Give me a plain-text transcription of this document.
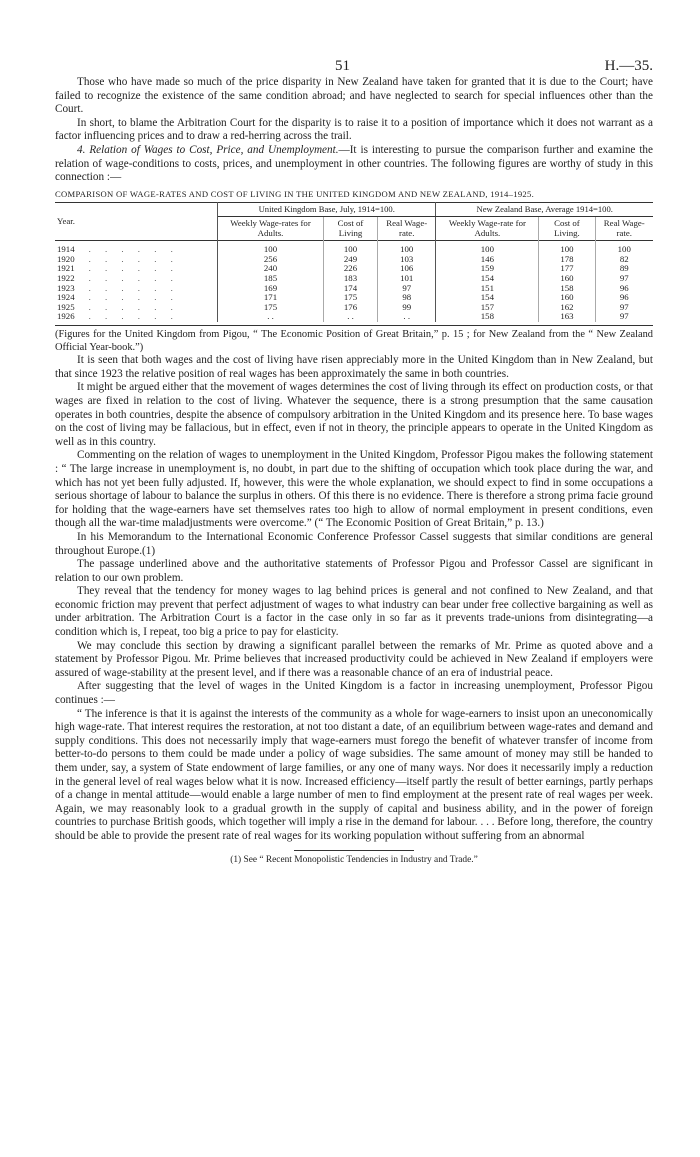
51	H.—35.

Those who have made so much of the price disparity in New Zealand have taken for granted that it is due to the Court; have failed to recognize the existence of the same condition abroad; and have neglected to search for special influences other than the Court.

In short, to blame the Arbitration Court for the disparity is to raise it to a position of importance which it does not warrant as a factor influencing prices and to draw a red-herring across the trail.

4. Relation of Wages to Cost, Price, and Unemployment.—It is interesting to pursue the comparison further and examine the relation of wage-conditions to costs, prices, and unemployment in other countries. The following figures are worthy of study in this connection :—

COMPARISON OF WAGE-RATES AND COST OF LIVING IN THE UNITED KINGDOM AND NEW ZEALAND, 1914–1925.
Year.	United Kingdom Base, July, 1914=100.			New Zealand Base, Average 1914=100.		
	Weekly Wage-rates for Adults.	Cost of Living	Real Wage-rate.	Weekly Wage-rate for Adults.	Cost of Living.	Real Wage-rate.
1914 . . . . . .	100	100	100	100	100	100
1920 . . . . . .	256	249	103	146	178	82
1921 . . . . . .	240	226	106	159	177	89
1922 . . . . . .	185	183	101	154	160	97
1923 . . . . . .	169	174	97	151	158	96
1924 . . . . . .	171	175	98	154	160	96
1925 . . . . . .	175	176	99	157	162	97
1926 . . . . . .	. .	. .	. .	158	163	97

(Figures for the United Kingdom from Pigou, “ The Economic Position of Great Britain,” p. 15 ; for New Zealand from the “ New Zealand Official Year-book.”)

It is seen that both wages and the cost of living have risen appreciably more in the United Kingdom than in New Zealand, but that since 1923 the relative position of real wages has been approximately the same in both countries.

It might be argued either that the movement of wages determines the cost of living through its effect on production costs, or that wages are fixed in relation to the cost of living. Whatever the sequence, there is a strong presumption that the same causation operates in both countries, despite the absence of compulsory arbitration in the United Kingdom and its presence here. To base wages on the cost of living may be fallacious, but in effect, even if not in theory, the principle appears to operate in the United Kingdom as well as in this country.

Commenting on the relation of wages to unemployment in the United Kingdom, Professor Pigou makes the following statement : “ The large increase in unemployment is, no doubt, in part due to the shifting of occupation which took place during the war, and which has not yet been fully adjusted. If, however, this were the whole explanation, we should expect to find in some occupations a serious shortage of labour to balance the surplus in others. Of this there is no evidence. There is therefore a strong prima facie ground for holding that the wage-earners have set themselves rates too high to allow of normal employment in present conditions, even though all the war-time maladjustments were overcome.” (“ The Economic Position of Great Britain,” p. 13.)

In his Memorandum to the International Economic Conference Professor Cassel suggests that similar conditions are general throughout Europe.(1)

The passage underlined above and the authoritative statements of Professor Pigou and Professor Cassel are significant in relation to our own problem.

They reveal that the tendency for money wages to lag behind prices is general and not confined to New Zealand, and that economic friction may prevent that perfect adjustment of wages to what industry can bear under free collective bargaining as well as under arbitration. The Arbitration Court is a factor in the case only in so far as it prevents trade-unions from disintegrating—a condition which is, I repeat, too big a price to pay for elasticity.

We may conclude this section by drawing a significant parallel between the remarks of Mr. Prime as quoted above and a statement by Professor Pigou. Mr. Prime believes that increased productivity could be achieved in New Zealand if employers were assured of wage-stability at the present level, and if there was a reasonable chance of an era of industrial peace.

After suggesting that the level of wages in the United Kingdom is a factor in increasing unemployment, Professor Pigou continues :—

“ The inference is that it is against the interests of the community as a whole for wage-earners to insist upon an uneconomically high wage-rate. That interest requires the restoration, at not too distant a date, of an equilibrium between wage-rates and demand and supply conditions. This does not necessarily imply that wage-earners must forego the benefit of whatever transfer of income from better-to-do persons to them could be made under a policy of wage subsidies. The same amount of money may still be handed to them under, say, a system of State endowment of large families, or any one of many ways. Nor does it necessarily imply a reduction in the general level of real wages below what it is now. Increased efficiency—itself partly the result of better earnings, partly perhaps of a change in mental attitude—would enable a large number of men to find employment at the present rate of real wages per week. Again, we may reasonably look to a gradual growth in the supply of capital and business ability, and in the power of foreign countries to purchase British goods, which together will imply a rise in the demand for labour. . . . Before long, therefore, the country should be able to provide the present rate of real wages for its working population without suffering from an abnormal

(1) See “ Recent Monopolistic Tendencies in Industry and Trade.”
